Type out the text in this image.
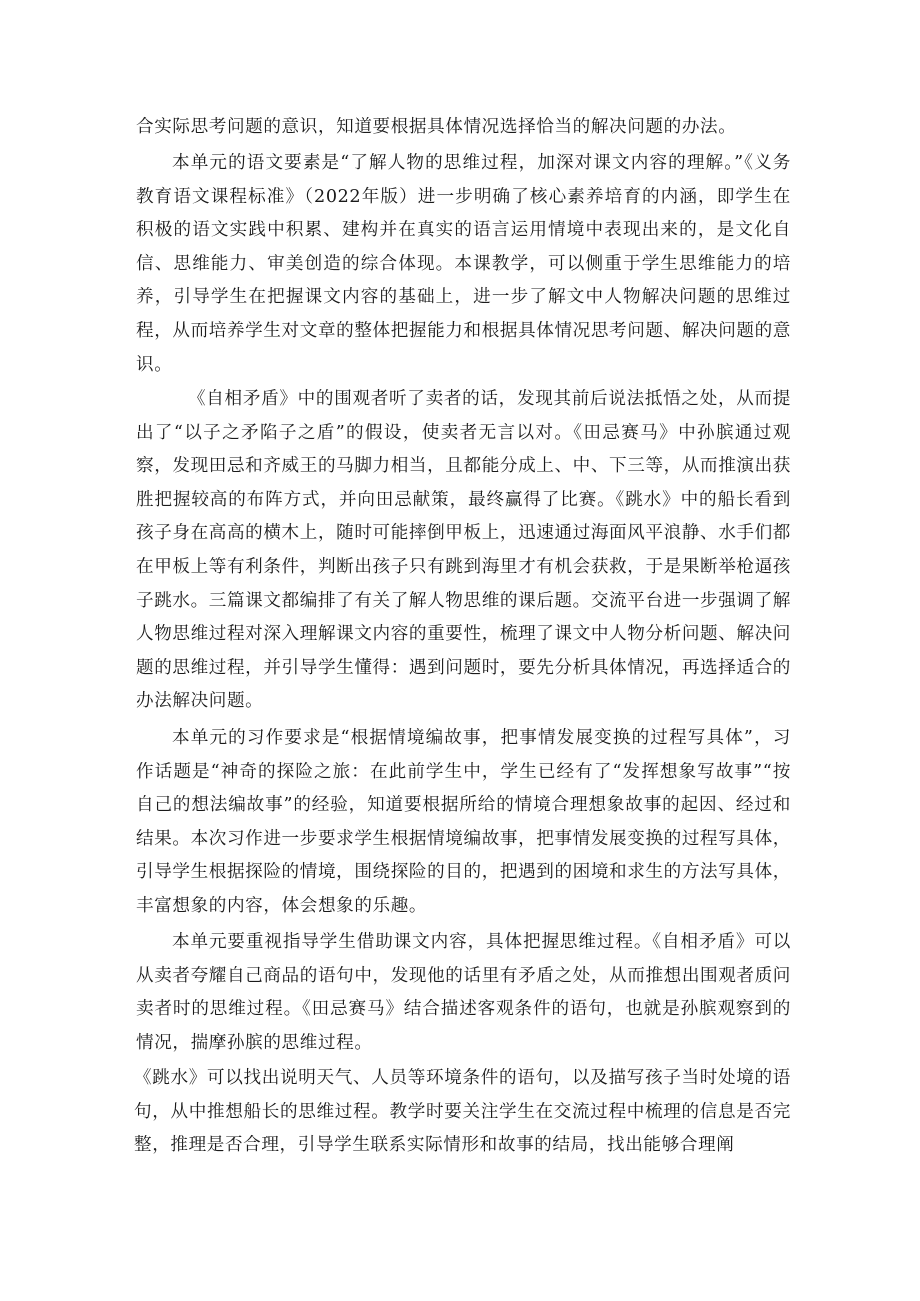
合实际思考问题的意识，知道要根据具体情况选择恰当的解决问题的办法。

本单元的语文要素是“了解人物的思维过程，加深对课文内容的理解。”《义务教育语文课程标准》（2022年版）进一步明确了核心素养培育的内涵，即学生在积极的语文实践中积累、建构并在真实的语言运用情境中表现出来的，是文化自信、思维能力、审美创造的综合体现。本课教学，可以侧重于学生思维能力的培养，引导学生在把握课文内容的基础上，进一步了解文中人物解决问题的思维过程，从而培养学生对文章的整体把握能力和根据具体情况思考问题、解决问题的意识。

《自相矛盾》中的围观者听了卖者的话，发现其前后说法抵悟之处，从而提出了“以子之矛陷子之盾”的假设，使卖者无言以对。《田忌赛马》中孙膑通过观察，发现田忌和齐威王的马脚力相当，且都能分成上、中、下三等，从而推演出获胜把握较高的布阵方式，并向田忌献策，最终赢得了比赛。《跳水》中的船长看到孩子身在高高的横木上，随时可能摔倒甲板上，迅速通过海面风平浪静、水手们都在甲板上等有利条件，判断出孩子只有跳到海里才有机会获救，于是果断举枪逼孩子跳水。三篇课文都编排了有关了解人物思维的课后题。交流平台进一步强调了解人物思维过程对深入理解课文内容的重要性，梳理了课文中人物分析问题、解决问题的思维过程，并引导学生懂得：遇到问题时，要先分析具体情况，再选择适合的办法解决问题。

本单元的习作要求是“根据情境编故事，把事情发展变换的过程写具体”，习作话题是“神奇的探险之旅：在此前学生中，学生已经有了“发挥想象写故事”“按自己的想法编故事”的经验，知道要根据所给的情境合理想象故事的起因、经过和结果。本次习作进一步要求学生根据情境编故事，把事情发展变换的过程写具体，引导学生根据探险的情境，围绕探险的目的，把遇到的困境和求生的方法写具体，丰富想象的内容，体会想象的乐趣。

本单元要重视指导学生借助课文内容，具体把握思维过程。《自相矛盾》可以从卖者夸耀自己商品的语句中，发现他的话里有矛盾之处，从而推想出围观者质问卖者时的思维过程。《田忌赛马》结合描述客观条件的语句，也就是孙膑观察到的情况，揣摩孙膑的思维过程。

《跳水》可以找出说明天气、人员等环境条件的语句，以及描写孩子当时处境的语句，从中推想船长的思维过程。教学时要关注学生在交流过程中梳理的信息是否完整，推理是否合理，引导学生联系实际情形和故事的结局，找出能够合理阐
